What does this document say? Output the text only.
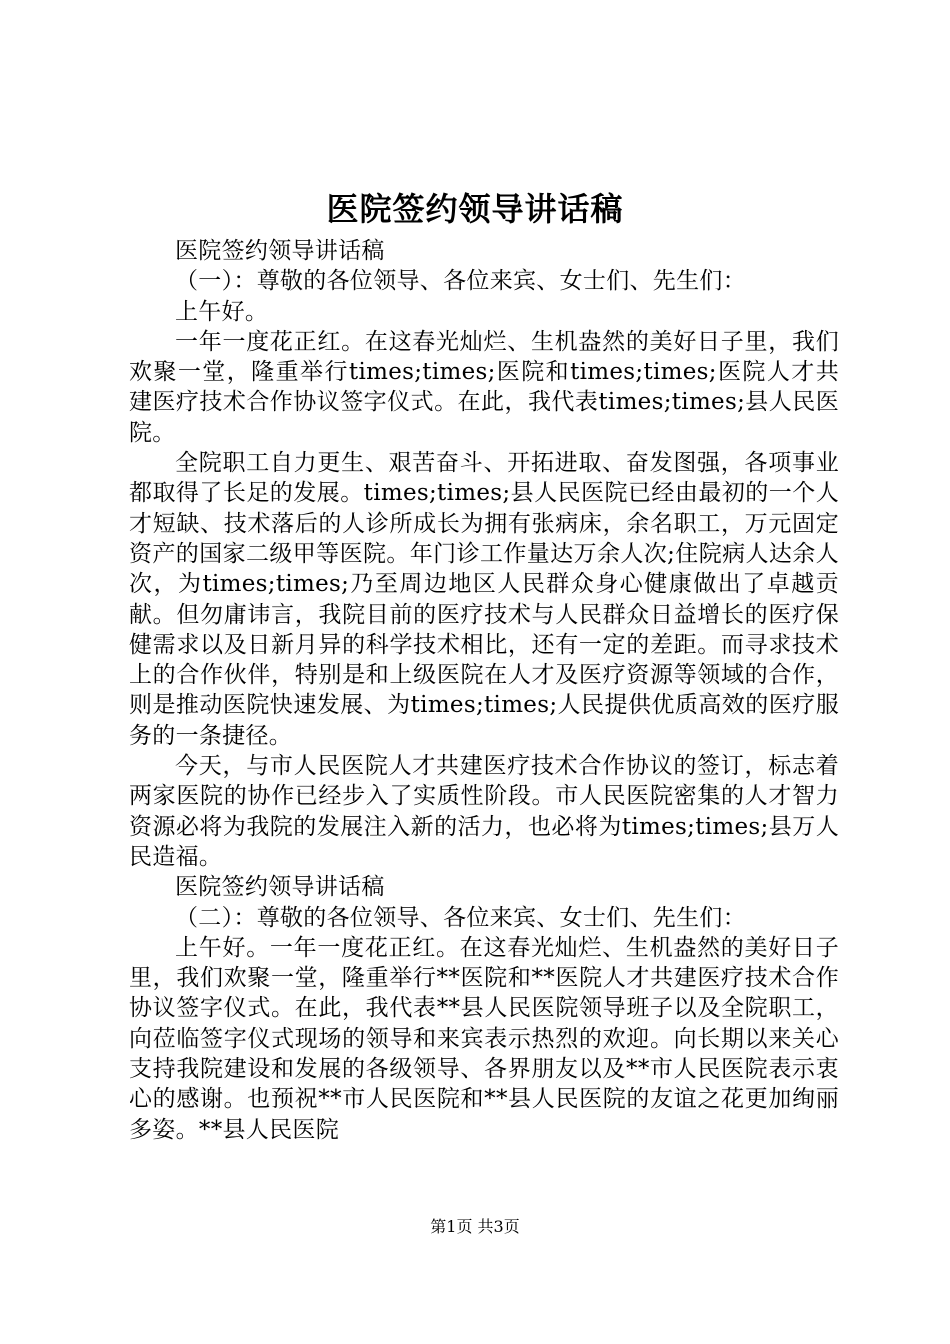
医院签约领导讲话稿

医院签约领导讲话稿

（一）：尊敬的各位领导、各位来宾、女士们、先生们：

上午好。

一年一度花正红。在这春光灿烂、生机盎然的美好日子里，我们欢聚一堂，隆重举行times;times;医院和times;times;医院人才共建医疗技术合作协议签字仪式。在此，我代表times;times;县人民医院。

全院职工自力更生、艰苦奋斗、开拓进取、奋发图强，各项事业都取得了长足的发展。times;times;县人民医院已经由最初的一个人才短缺、技术落后的人诊所成长为拥有张病床，余名职工，万元固定资产的国家二级甲等医院。年门诊工作量达万余人次;住院病人达余人次，为times;times;乃至周边地区人民群众身心健康做出了卓越贡献。但勿庸讳言，我院目前的医疗技术与人民群众日益增长的医疗保健需求以及日新月异的科学技术相比，还有一定的差距。而寻求技术上的合作伙伴，特别是和上级医院在人才及医疗资源等领域的合作，则是推动医院快速发展、为times;times;人民提供优质高效的医疗服务的一条捷径。

今天，与市人民医院人才共建医疗技术合作协议的签订，标志着两家医院的协作已经步入了实质性阶段。市人民医院密集的人才智力资源必将为我院的发展注入新的活力，也必将为times;times;县万人民造福。

医院签约领导讲话稿

（二）：尊敬的各位领导、各位来宾、女士们、先生们：

上午好。一年一度花正红。在这春光灿烂、生机盎然的美好日子里，我们欢聚一堂，隆重举行**医院和**医院人才共建医疗技术合作协议签字仪式。在此，我代表**县人民医院领导班子以及全院职工，向莅临签字仪式现场的领导和来宾表示热烈的欢迎。向长期以来关心支持我院建设和发展的各级领导、各界朋友以及**市人民医院表示衷心的感谢。也预祝**市人民医院和**县人民医院的友谊之花更加绚丽多姿。**县人民医院

第1页 共3页
